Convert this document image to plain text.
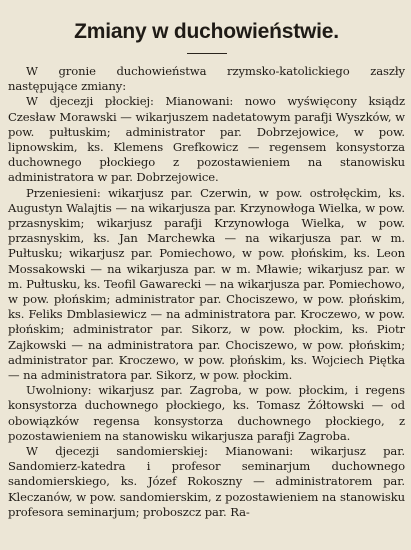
Zmiany w duchowieństwie.

W gronie duchowieństwa rzymsko-katolickiego zaszły następujące zmiany:

W djecezji płockiej: Mianowani: nowo wyświęcony ksiądz Czesław Morawski — wikarjuszem nadetatowym parafji Wyszków, w pow. pułtuskim; administrator par. Dobrzejowice, w pow. lipnowskim, ks. Klemens Grefkowicz — regensem konsystorza duchownego płockiego z pozostawieniem na stanowisku administratora w par. Dobrzejowice.

Przeniesieni: wikarjusz par. Czerwin, w pow. ostrołęckim, ks. Augustyn Walajtis — na wikarjusza par. Krzynowłoga Wielka, w pow. przasnyskim; wikarjusz parafji Krzynowłoga Wielka, w pow. przasnyskim, ks. Jan Marchewka — na wikarjusza par. w m. Pułtusku; wikarjusz par. Pomiechowo, w pow. płońskim, ks. Leon Mossakowski — na wikarjusza par. w m. Mławie; wikarjusz par. w m. Pułtusku, ks. Teofil Gawarecki — na wikarjusza par. Pomiechowo, w pow. płońskim; administrator par. Chociszewo, w pow. płońskim, ks. Feliks Dmblasiewicz — na administratora par. Kroczewo, w pow. płońskim; administrator par. Sikorz, w pow. płockim, ks. Piotr Zajkowski — na administratora par. Chociszewo, w pow. płońskim; administrator par. Kroczewo, w pow. płońskim, ks. Wojciech Piętka — na administratora par. Sikorz, w pow. płockim.

Uwolniony: wikarjusz par. Zagroba, w pow. płockim, i regens konsystorza duchownego płockiego, ks. Tomasz Żółtowski — od obowiązków regensa konsystorza duchownego płockiego, z pozostawieniem na stanowisku wikarjusza parafji Zagroba.

W djecezji sandomierskiej: Mianowani: wikarjusz par. Sandomierz-katedra i profesor seminarjum duchownego sandomierskiego, ks. Józef Rokoszny — administratorem par. Kleczanów, w pow. sandomierskim, z pozostawieniem na stanowisku profesora seminarjum; proboszcz par. Ra-
